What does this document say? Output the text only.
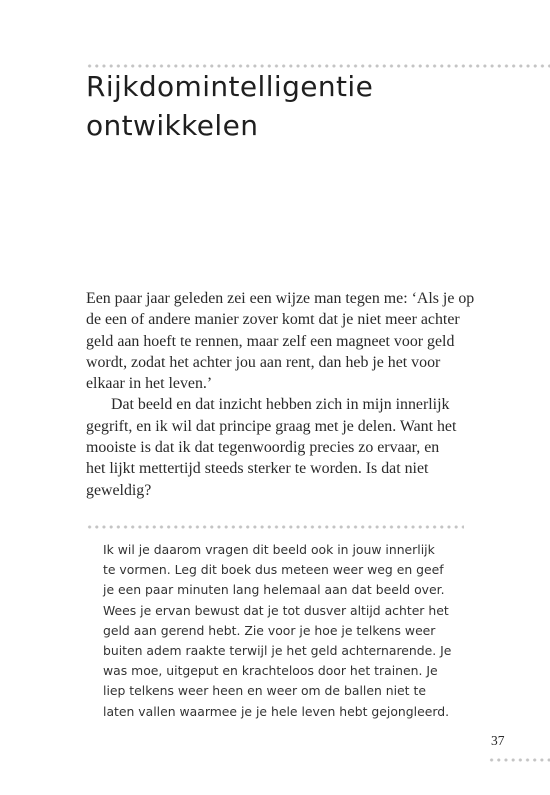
Rijkdomintelligentie
ontwikkelen

Een paar jaar geleden zei een wijze man tegen me: ‘Als je op
de een of andere manier zover komt dat je niet meer achter
geld aan hoeft te rennen, maar zelf een magneet voor geld
wordt, zodat het achter jou aan rent, dan heb je het voor
elkaar in het leven.’

Dat beeld en dat inzicht hebben zich in mijn innerlijk
gegrift, en ik wil dat principe graag met je delen. Want het
mooiste is dat ik dat tegenwoordig precies zo ervaar, en
het lijkt mettertijd steeds sterker te worden. Is dat niet
geweldig?

Ik wil je daarom vragen dit beeld ook in jouw innerlijk
te vormen. Leg dit boek dus meteen weer weg en geef
je een paar minuten lang helemaal aan dat beeld over.
Wees je ervan bewust dat je tot dusver altijd achter het
geld aan gerend hebt. Zie voor je hoe je telkens weer
buiten adem raakte terwijl je het geld achternarende. Je
was moe, uitgeput en krachteloos door het trainen. Je
liep telkens weer heen en weer om de ballen niet te
laten vallen waarmee je je hele leven hebt gejongleerd.
37
